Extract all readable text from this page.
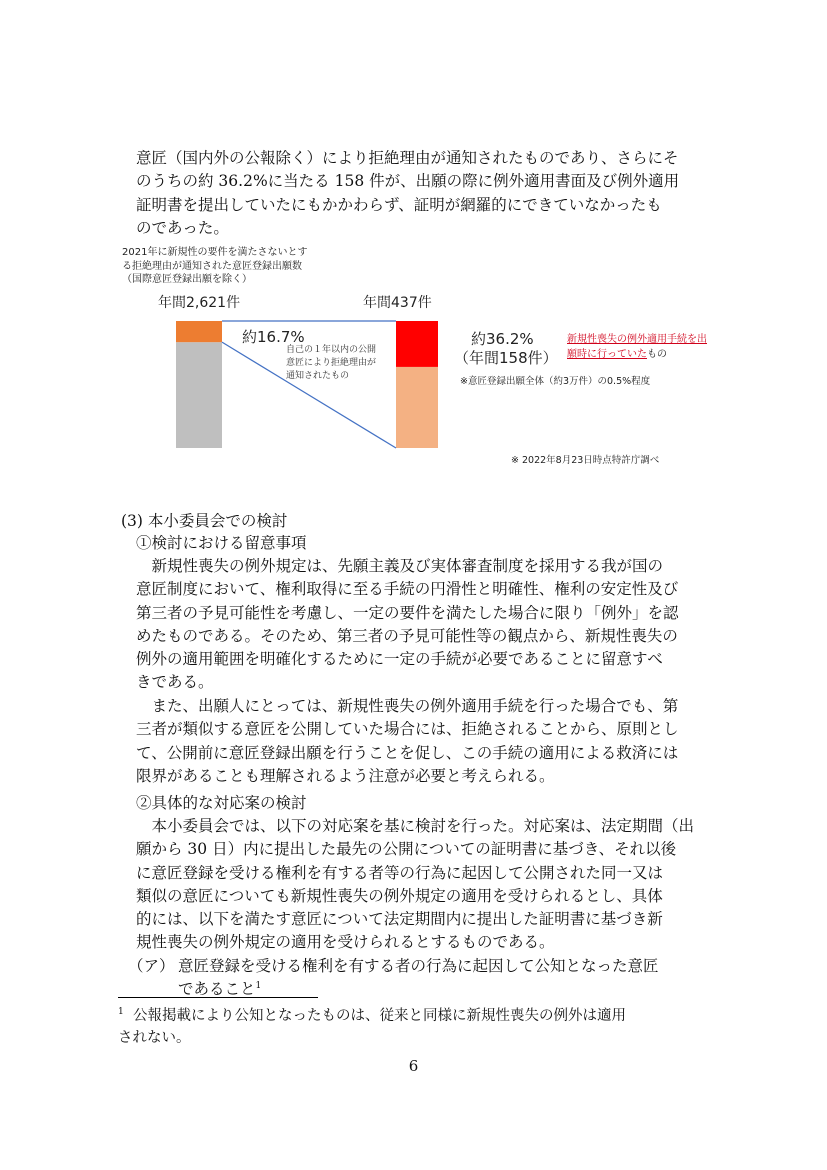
意匠（国内外の公報除く）により拒絶理由が通知されたものであり、さらにそ
のうちの約 36.2%に当たる 158 件が、出願の際に例外適用書面及び例外適用
証明書を提出していたにもかかわらず、証明が網羅的にできていなかったも
のであった。
2021年に新規性の要件を満たさないとす
る拒絶理由が通知された意匠登録出願数
（国際意匠登録出願を除く）
年間2,621件	年間437件
約16.7%
自己の１年以内の公開
意匠により拒絶理由が
通知されたもの
約36.2%
（年間158件）
新規性喪失の例外適用手続を出
願時に行っていたもの
※意匠登録出願全体（約3万件）の0.5%程度
※ 2022年8月23日時点特許庁調べ
(3) 本小委員会での検討
①検討における留意事項
新規性喪失の例外規定は、先願主義及び実体審査制度を採用する我が国の
意匠制度において、権利取得に至る手続の円滑性と明確性、権利の安定性及び
第三者の予見可能性を考慮し、一定の要件を満たした場合に限り「例外」を認
めたものである。そのため、第三者の予見可能性等の観点から、新規性喪失の
例外の適用範囲を明確化するために一定の手続が必要であることに留意すべ
きである。
また、出願人にとっては、新規性喪失の例外適用手続を行った場合でも、第
三者が類似する意匠を公開していた場合には、拒絶されることから、原則とし
て、公開前に意匠登録出願を行うことを促し、この手続の適用による救済には
限界があることも理解されるよう注意が必要と考えられる。
②具体的な対応案の検討
本小委員会では、以下の対応案を基に検討を行った。対応案は、法定期間（出
願から 30 日）内に提出した最先の公開についての証明書に基づき、それ以後
に意匠登録を受ける権利を有する者等の行為に起因して公開された同一又は
類似の意匠についても新規性喪失の例外規定の適用を受けられるとし、具体
的には、以下を満たす意匠について法定期間内に提出した証明書に基づき新
規性喪失の例外規定の適用を受けられるとするものである。
（ア） 意匠登録を受ける権利を有する者の行為に起因して公知となった意匠
であること$^1$
$^1$ 公報掲載により公知となったものは、従来と同様に新規性喪失の例外は適用
されない。
6
